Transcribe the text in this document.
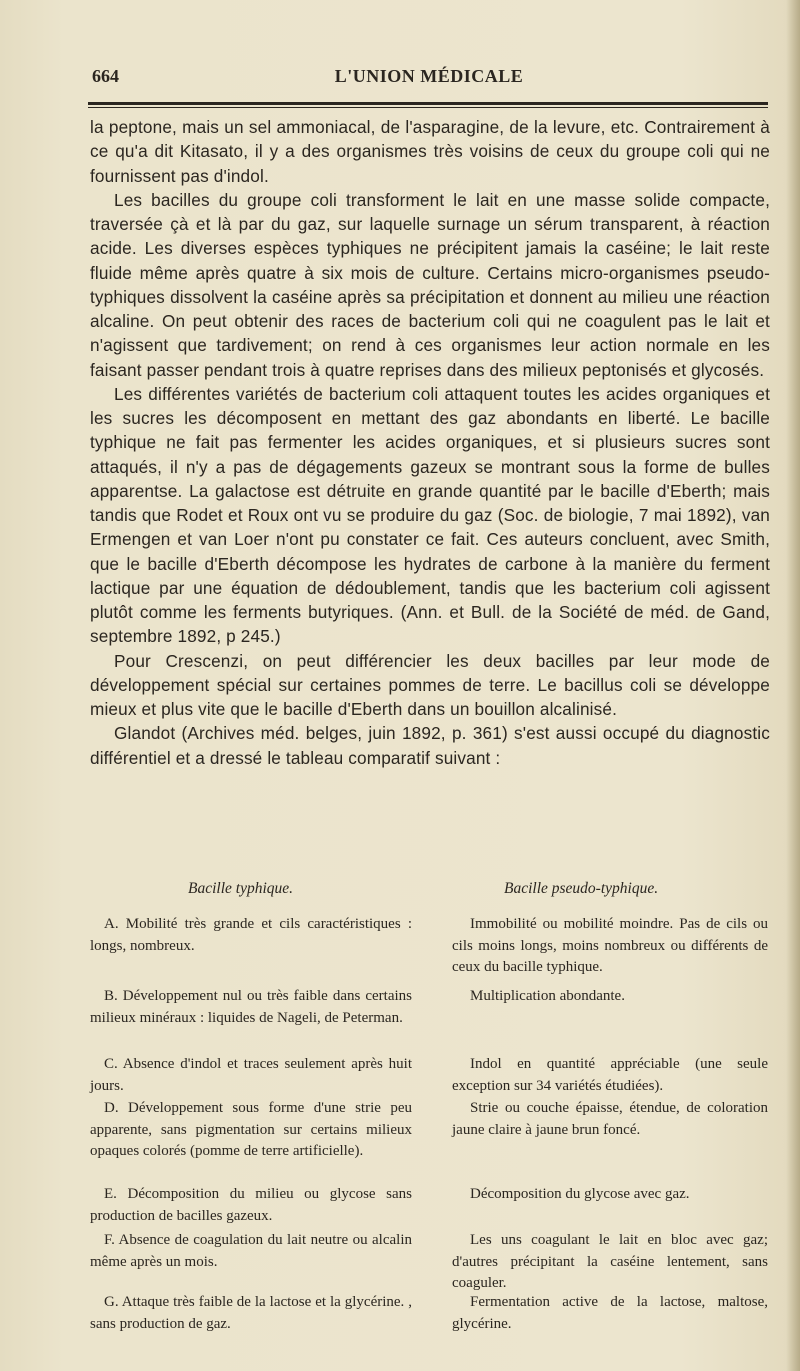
664	L'UNION MÉDICALE

la peptone, mais un sel ammoniacal, de l'asparagine, de la levure, etc. Contrairement à ce qu'a dit Kitasato, il y a des organismes très voisins de ceux du groupe coli qui ne fournissent pas d'indol.

Les bacilles du groupe coli transforment le lait en une masse solide compacte, traversée çà et là par du gaz, sur laquelle surnage un sérum transparent, à réaction acide. Les diverses espèces typhiques ne précipitent jamais la caséine; le lait reste fluide même après quatre à six mois de culture. Certains micro-organismes pseudo-typhiques dissolvent la caséine après sa précipitation et donnent au milieu une réaction alcaline. On peut obtenir des races de bacterium coli qui ne coagulent pas le lait et n'agissent que tardivement; on rend à ces organismes leur action normale en les faisant passer pendant trois à quatre reprises dans des milieux peptonisés et glycosés.

Les différentes variétés de bacterium coli attaquent toutes les acides organiques et les sucres les décomposent en mettant des gaz abondants en liberté. Le bacille typhique ne fait pas fermenter les acides organiques, et si plusieurs sucres sont attaqués, il n'y a pas de dégagements gazeux se montrant sous la forme de bulles apparentse. La galactose est détruite en grande quantité par le bacille d'Eberth; mais tandis que Rodet et Roux ont vu se produire du gaz (Soc. de biologie, 7 mai 1892), van Ermengen et van Loer n'ont pu constater ce fait. Ces auteurs concluent, avec Smith, que le bacille d'Eberth décompose les hydrates de carbone à la manière du ferment lactique par une équation de dédoublement, tandis que les bacterium coli agissent plutôt comme les ferments butyriques. (Ann. et Bull. de la Société de méd. de Gand, septembre 1892, p 245.)

Pour Crescenzi, on peut différencier les deux bacilles par leur mode de développement spécial sur certaines pommes de terre. Le bacillus coli se développe mieux et plus vite que le bacille d'Eberth dans un bouillon alcalinisé.

Glandot (Archives méd. belges, juin 1892, p. 361) s'est aussi occupé du diagnostic différentiel et a dressé le tableau comparatif suivant :

Bacille typhique.	Bacille pseudo-typhique.
A. Mobilité très grande et cils caractéristiques : longs, nombreux.
Immobilité ou mobilité moindre. Pas de cils ou cils moins longs, moins nombreux ou différents de ceux du bacille typhique.
B. Développement nul ou très faible dans certains milieux minéraux : liquides de Nageli, de Peterman.
Multiplication abondante.
C. Absence d'indol et traces seulement après huit jours.
Indol en quantité appréciable (une seule exception sur 34 variétés étudiées).
D. Développement sous forme d'une strie peu apparente, sans pigmentation sur certains milieux opaques colorés (pomme de terre artificielle).
Strie ou couche épaisse, étendue, de coloration jaune claire à jaune brun foncé.
E. Décomposition du milieu ou glycose sans production de bacilles gazeux.
Décomposition du glycose avec gaz.
F. Absence de coagulation du lait neutre ou alcalin même après un mois.
Les uns coagulant le lait en bloc avec gaz; d'autres précipitant la caséine lentement, sans coaguler.
G. Attaque très faible de la lactose et la glycérine. , sans production de gaz.
Fermentation active de la lactose, maltose, glycérine.
